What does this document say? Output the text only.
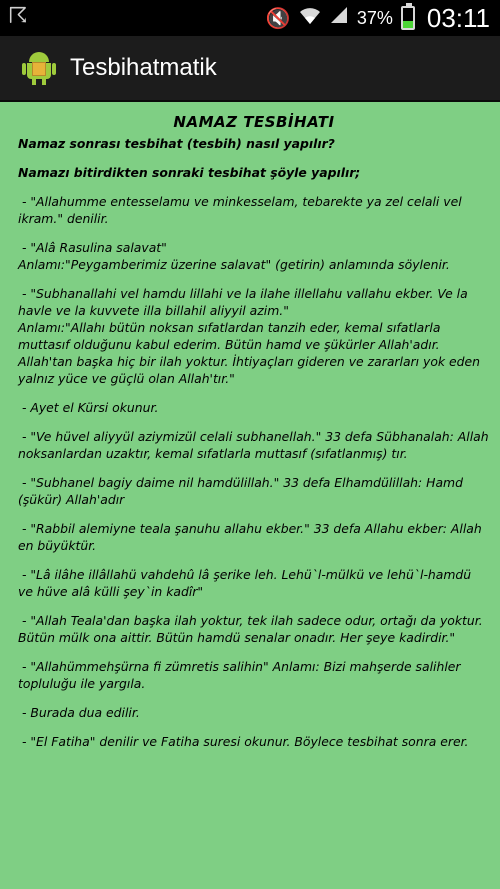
☈	🔇	37% 03:11
Tesbihatmatik
NAMAZ TESBİHATI

Namaz sonrası tesbihat (tesbih) nasıl yapılır?

Namazı bitirdikten sonraki tesbihat şöyle yapılır;

- "Allahumme entesselamu ve minkesselam, tebarekte ya zel celali vel ikram." denilir.

- "Alâ Rasulina salavat"
Anlamı:"Peygamberimiz üzerine salavat" (getirin) anlamında söylenir.

- "Subhanallahi vel hamdu lillahi ve la ilahe illellahu vallahu ekber. Ve la havle ve la kuvvete illa billahil aliyyil azim."
Anlamı:"Allahı bütün noksan sıfatlardan tanzih eder, kemal sıfatlarla muttasıf olduğunu kabul ederim. Bütün hamd ve şükürler Allah'adır. Allah'tan başka hiç bir ilah yoktur. İhtiyaçları gideren ve zararları yok eden yalnız yüce ve güçlü olan Allah'tır."

- Ayet el Kürsi okunur.

- "Ve hüvel aliyyül aziymizül celali subhanellah." 33 defa Sübhanalah: Allah noksanlardan uzaktır, kemal sıfatlarla muttasıf (sıfatlanmış) tır.

- "Subhanel bagiy daime nil hamdülillah." 33 defa Elhamdülillah: Hamd (şükür) Allah'adır

- "Rabbil alemiyne teala şanuhu allahu ekber." 33 defa Allahu ekber: Allah en büyüktür.

- "Lâ ilâhe illâllahü vahdehû lâ şerike leh. Lehü`l-mülkü ve lehü`l-hamdü ve hüve alâ külli şey`in kadîr"

- "Allah Teala'dan başka ilah yoktur, tek ilah sadece odur, ortağı da yoktur. Bütün mülk ona aittir. Bütün hamdü senalar onadır. Her şeye kadirdir."

- "Allahümmehşürna fi zümretis salihin" Anlamı: Bizi mahşerde salihler topluluğu ile yargıla.

- Burada dua edilir.

- "El Fatiha" denilir ve Fatiha suresi okunur. Böylece tesbihat sonra erer.
